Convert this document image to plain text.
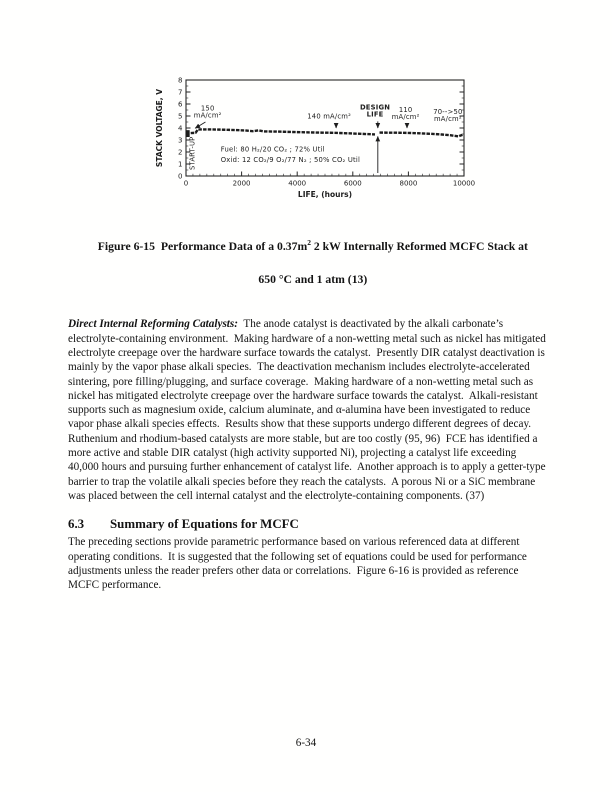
0	2000	4000	6000	8000	10000
0
1
2
3
4
5
6
7
8
LIFE, (hours)
STACK VOLTAGE, V	150
mA/cm²	140 mA/cm²
DESIGN
LIFE
110
mA/cm²
70-->50
mA/cm²
START-UP	Fuel: 80 H₂/20 CO₂ ; 72% Util
Oxid: 12 CO₂/9 O₂/77 N₂ ; 50% CO₂ Util

Figure 6-15  Performance Data of a $0.37m^2$ 2 kW Internally Reformed MCFC Stack at

650 °C and 1 atm (13)

Direct Internal Reforming Catalysts:  The anode catalyst is deactivated by the alkali carbonate’s electrolyte-containing environment.  Making hardware of a non-wetting metal such as nickel has mitigated electrolyte creepage over the hardware surface towards the catalyst.  Presently DIR catalyst deactivation is mainly by the vapor phase alkali species.  The deactivation mechanism includes electrolyte-accelerated sintering, pore filling/plugging, and surface coverage.  Making hardware of a non-wetting metal such as nickel has mitigated electrolyte creepage over the hardware surface towards the catalyst.  Alkali-resistant supports such as magnesium oxide, calcium aluminate, and α-alumina have been investigated to reduce vapor phase alkali species effects.  Results show that these supports undergo different degrees of decay.  Ruthenium and rhodium-based catalysts are more stable, but are too costly (95, 96)  FCE has identified a more active and stable DIR catalyst (high activity supported Ni), projecting a catalyst life exceeding 40,000 hours and pursuing further enhancement of catalyst life.  Another approach is to apply a getter-type barrier to trap the volatile alkali species before they reach the catalysts.  A porous Ni or a SiC membrane was placed between the cell internal catalyst and the electrolyte-containing components. (37)

6.3 Summary of Equations for MCFC

The preceding sections provide parametric performance based on various referenced data at different operating conditions.  It is suggested that the following set of equations could be used for performance adjustments unless the reader prefers other data or correlations.  Figure 6-16 is provided as reference MCFC performance.

6-34
